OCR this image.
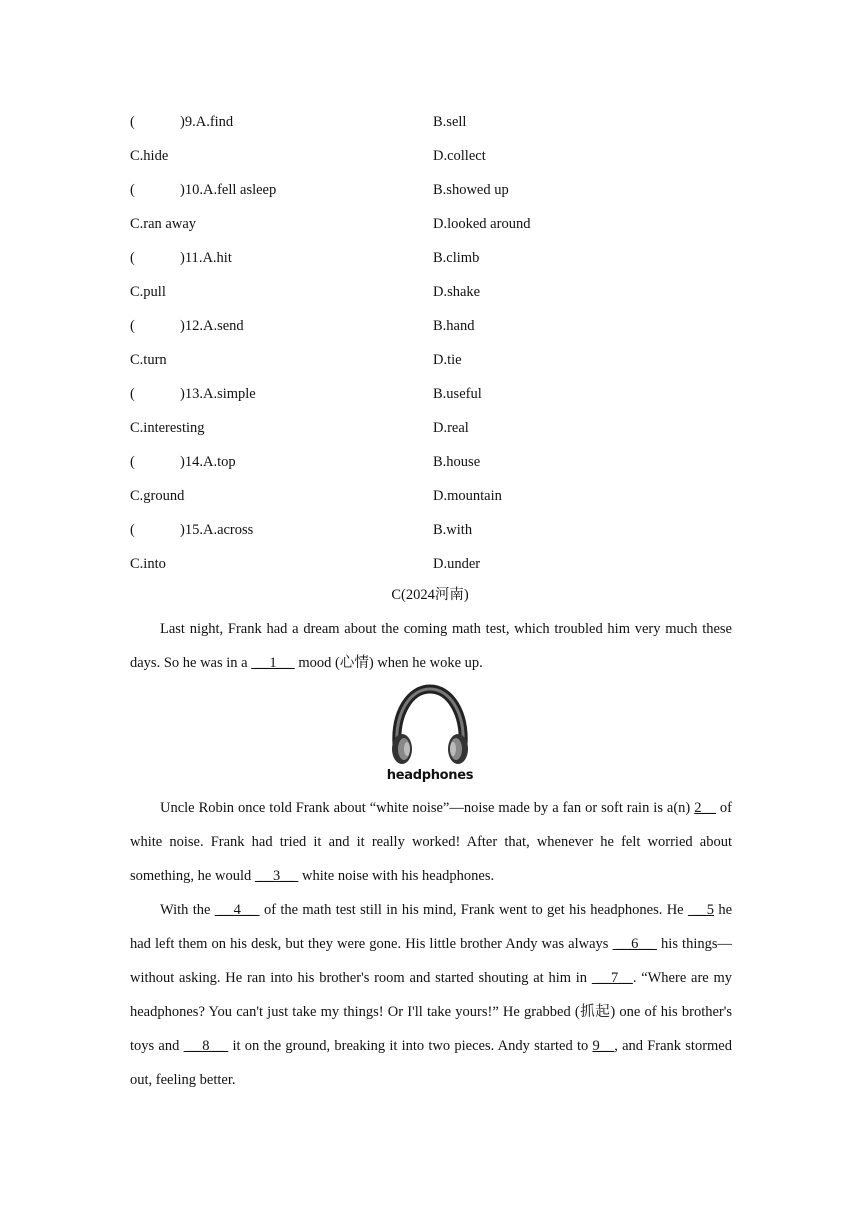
(	)9.A.find	B.sell
C.hide	D.collect
(	)10.A.fell asleep	B.showed up
C.ran away	D.looked around
(	)11.A.hit	B.climb
C.pull	D.shake
(	)12.A.send	B.hand
C.turn	D.tie
(	)13.A.simple	B.useful
C.interesting	D.real
(	)14.A.top	B.house
C.ground	D.mountain
(	)15.A.across	B.with
C.into	D.under
C(2024河南)

Last night, Frank had a dream about the coming math test, which troubled him very much these days. So he was in a  __1__  mood (心情) when he woke up.

headphones

Uncle Robin once told Frank about “white noise”—noise made by a fan or soft rain is a(n) 2__ of white noise. Frank had tried it and it really worked! After that, whenever he felt worried about something, he would  __3__  white noise with his headphones.

With the  __4__  of the math test still in his mind, Frank went to get his headphones. He  __5 he had left them on his desk, but they were gone. His little brother Andy was always  __6__  his things—without asking. He ran into his brother's room and started shouting at him in  __7__. “Where are my headphones? You can't just take my things! Or I'll take yours!” He grabbed (抓起) one of his brother's toys and  __8__  it on the ground, breaking it into two pieces. Andy started to 9__, and Frank stormed out, feeling better.
